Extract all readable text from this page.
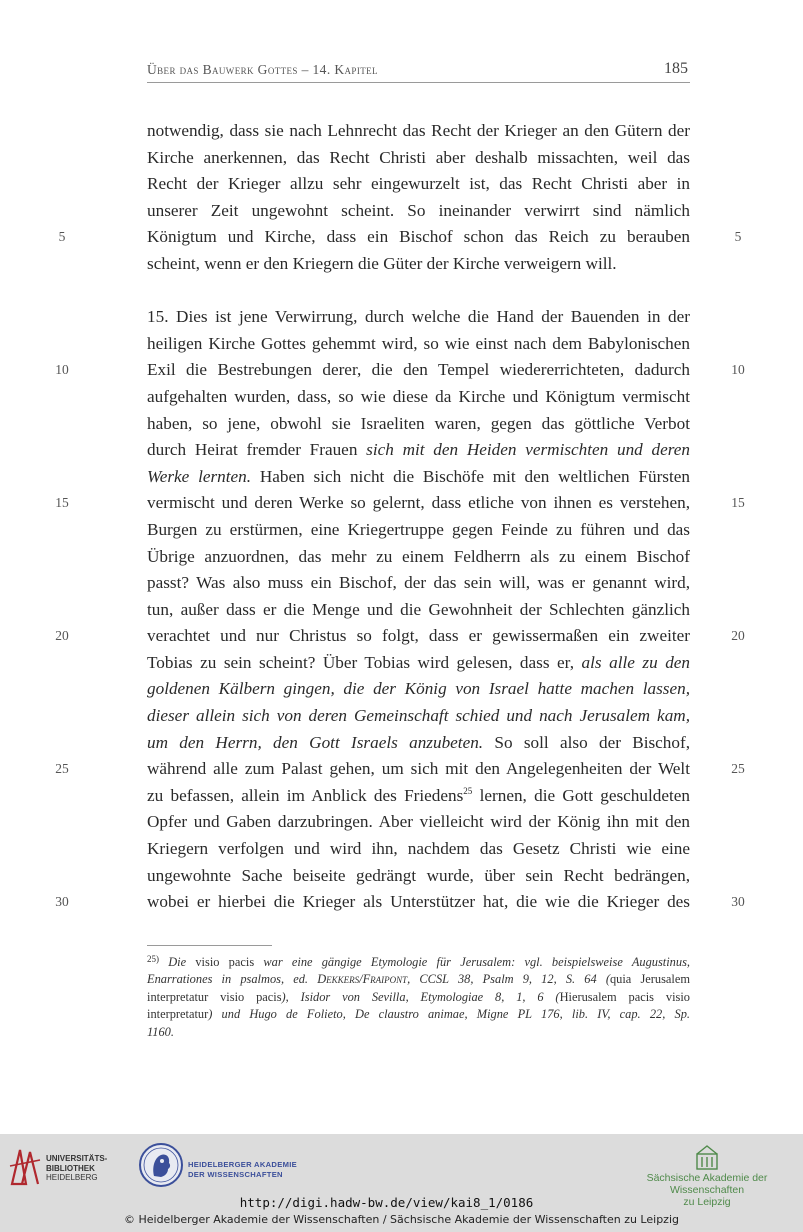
Über das Bauwerk Gottes – 14. Kapitel	185
5	5
10	10
15	15
20	20
25	25
30	30
notwendig, dass sie nach Lehnrecht das Recht der Krieger an den Gütern der
Kirche anerkennen, das Recht Christi aber deshalb missachten, weil das
Recht der Krieger allzu sehr eingewurzelt ist, das Recht Christi aber in
unserer Zeit ungewohnt scheint. So ineinander verwirrt sind nämlich
Königtum und Kirche, dass ein Bischof schon das Reich zu berauben
scheint, wenn er den Kriegern die Güter der Kirche verweigern will.
15. Dies ist jene Verwirrung, durch welche die Hand der Bauenden in der
heiligen Kirche Gottes gehemmt wird, so wie einst nach dem Babylonischen
Exil die Bestrebungen derer, die den Tempel wiedererrichteten, dadurch
aufgehalten wurden, dass, so wie diese da Kirche und Königtum vermischt
haben, so jene, obwohl sie Israeliten waren, gegen das göttliche Verbot
durch Heirat fremder Frauen sich mit den Heiden vermischten und deren
Werke lernten. Haben sich nicht die Bischöfe mit den weltlichen Fürsten
vermischt und deren Werke so gelernt, dass etliche von ihnen es verstehen,
Burgen zu erstürmen, eine Kriegertruppe gegen Feinde zu führen und das
Übrige anzuordnen, das mehr zu einem Feldherrn als zu einem Bischof
passt? Was also muss ein Bischof, der das sein will, was er genannt wird,
tun, außer dass er die Menge und die Gewohnheit der Schlechten gänzlich
verachtet und nur Christus so folgt, dass er gewissermaßen ein zweiter
Tobias zu sein scheint? Über Tobias wird gelesen, dass er, als alle zu den
goldenen Kälbern gingen, die der König von Israel hatte machen lassen,
dieser allein sich von deren Gemeinschaft schied und nach Jerusalem kam,
um den Herrn, den Gott Israels anzubeten. So soll also der Bischof,
während alle zum Palast gehen, um sich mit den Angelegenheiten der Welt
zu befassen, allein im Anblick des Friedens$^{25}$ lernen, die Gott geschuldeten
Opfer und Gaben darzubringen. Aber vielleicht wird der König ihn mit den
Kriegern verfolgen und wird ihn, nachdem das Gesetz Christi wie eine
ungewohnte Sache beiseite gedrängt wurde, über sein Recht bedrängen,
wobei er hierbei die Krieger als Unterstützer hat, die wie die Krieger des
$^{25)}$ Die visio pacis war eine gängige Etymologie für Jerusalem: vgl. beispielsweise Augustinus,
Enarrationes in psalmos, ed. Dekkers/Fraipont, CCSL 38, Psalm 9, 12, S. 64 (quia Jerusalem
interpretatur visio pacis), Isidor von Sevilla, Etymologiae 8, 1, 6 (Hierusalem pacis visio
interpretatur) und Hugo de Folieto, De claustro animae, Migne PL 176, lib. IV, cap. 22, Sp.
1160.
UNIVERSITÄTS-
BIBLIOTHEK
HEIDELBERG
HEIDELBERGER AKADEMIE
DER WISSENSCHAFTEN	Sächsische Akademie der Wissenschaften
zu Leipzig
http://digi.hadw-bw.de/view/kai8_1/0186
© Heidelberger Akademie der Wissenschaften / Sächsische Akademie der Wissenschaften zu Leipzig
